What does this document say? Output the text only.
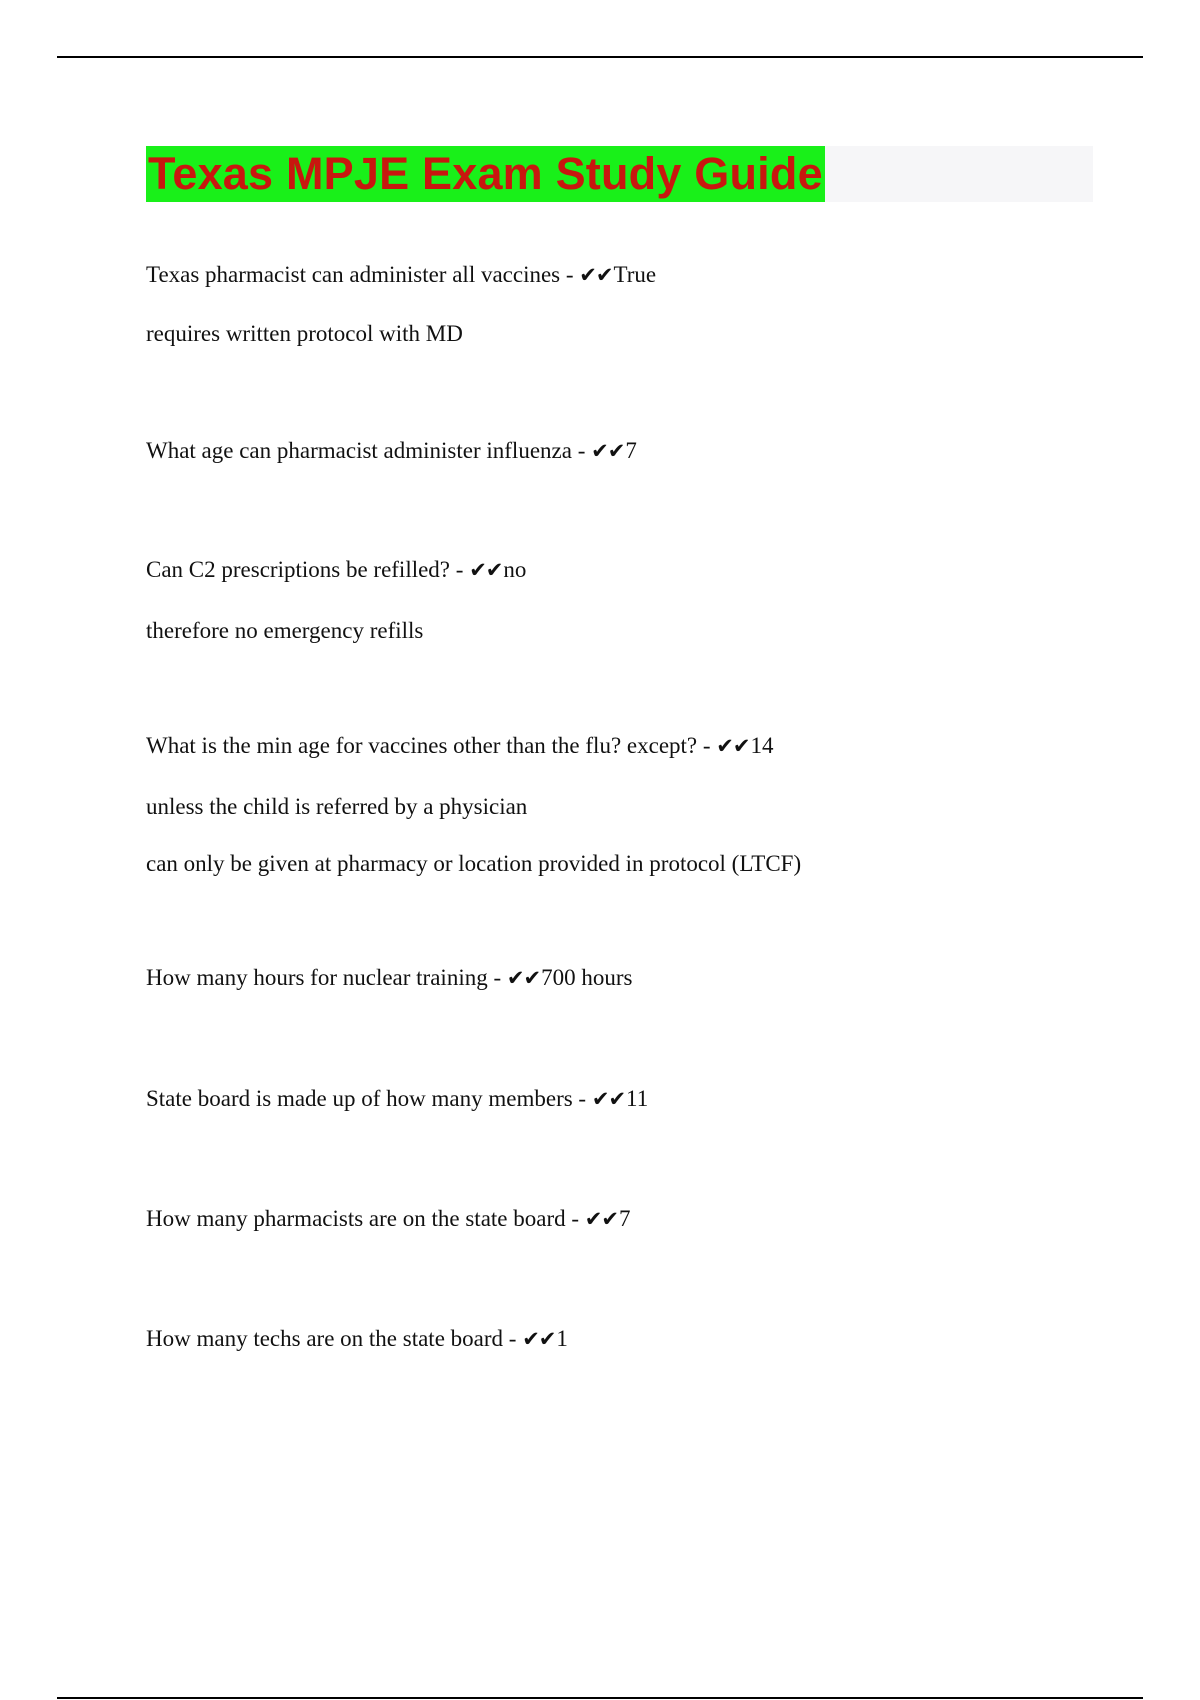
Texas MPJE Exam Study Guide
Texas pharmacist can administer all vaccines - ✔✔True
requires written protocol with MD
What age can pharmacist administer influenza - ✔✔7
Can C2 prescriptions be refilled? - ✔✔no
therefore no emergency refills
What is the min age for vaccines other than the flu? except? - ✔✔14
unless the child is referred by a physician
can only be given at pharmacy or location provided in protocol (LTCF)
How many hours for nuclear training - ✔✔700 hours
State board is made up of how many members - ✔✔11
How many pharmacists are on the state board - ✔✔7
How many techs are on the state board - ✔✔1
